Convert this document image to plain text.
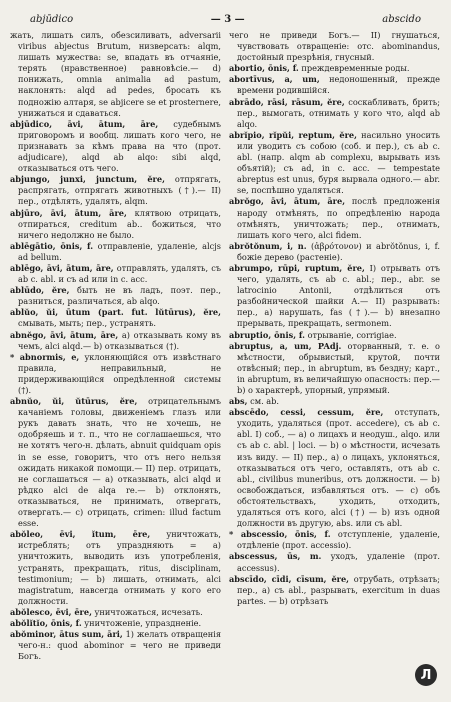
abjūdico	— 3 —	abscido

жать, лишать силъ, обезсиливать, adversarii viribus abjectus Brutum, низверсать: alqm, лишать мужества: se, впадать въ отчаянiе, терять (нравственное) равновѣсiе.— d) понижать, omnia animalia ad pastum, наклонять: alqd ad pedes, бросать къ подножiю алтаря, se abjicere se et prosternere, унижаться и сдаваться.

abjūdico, āvi, ātum, āre, судебнымъ приговоромъ и вообщ. лишать кого чего, не признавать за кѣмъ права на что (прот. adjudicare), alqd ab alqo: sibi alqd, отказываться отъ чего.

abjungo, junxi, junctum, ĕre, отпрягать, распрягать, отпрягать животныхъ (†).— II) пер., отдѣлять, удалять, alqm.

abjūro, āvi, ātum, āre, клятвою отрицать, отпираться, creditum ab.. божиться, что ничего недолжно не было.

ablēgātio, ōnis, f. отправленiе, удаленiе, alcjs ad bellum.

ablēgo, āvi, ātum, āre, отправлять, удалять, съ ab c. abl. и съ ad или in c. acc.

ablūdo, ĕre, быть не въ ладъ, поэт. пер., разниться, различаться, ab alqo.

ablŭo, ŭi, ūtum (part. fut. lŭtūrus), ĕre, смывать, мыть; пер., устранять.

abnĕgo, āvi, ātum, āre, a) отказывать кому въ чемъ, alci alqd.— b) отказываться (†).

* abnormis, e, уклоняющiйся отъ извѣстнаго правила, неправильный, не придерживающiйся опредѣленной системы (†).

abnŭo, ŭi, ŭtūrus, ĕre, отрицательнымъ качанiемъ головы, движенiемъ глазъ или рукъ давать знать, что не хочешь, не одобряешь и т. п., что не соглашаешься, что не хотятъ чего-н. дѣлать, abnuit quidquam opis in se esse, говоритъ, что отъ него нельзя ожидать никакой помощи.— II) пер. отрицать, не соглашаться — a) отказывать, alci alqd и рѣдко alci de alqa re.— b) отклонять, отказываться, не принимать, отвергать, отвергать.— c) отрицать, crimen: illud factum esse.

abŏleo, ēvi, ĭtum, ēre, уничтожать, истреблять; отъ упраздняють = a) уничтожить, выводить изъ употребленiя, устранять, прекращать, ritus, disciplinam, testimonium; — b) лишать, отнимать, alci magistratum, навсегда отнимать у кого его должности.

abŏlesco, ēvi, ēre, уничтожаться, исчезать.

abŏlĭtĭo, ōnis, f. уничтоженiе, упраздненiе.

abŏminor, ātus sum, āri, 1) желать отвращенiя чего-н.: quod abominor = чего не приведи Богъ.

чего не приведи Богъ.— II) гнушаться, чувствовать отвращенiе: отс. abominandus, достойный презрѣнiя, гнусный.

abortio, ōnis, f. преждевременные роды.

abortīvus, a, um, недоношенный, прежде времени родившiйся.

abrādo, rāsi, rāsum, ĕre, соскабливать, брить; пер., вымогать, отнимать у кого что, alqd ab alqo.

abrĭpio, rĭpŭi, reptum, ĕre, насильно уносить или уводить съ собою (соб. и пер.), съ ab c. abl. (напр. alqm ab complexu, вырывать изъ объятiй); съ ad, in c. acc. — tempestate abreptus est unus, буря вырвала одного.— abr. se, поспѣшно удаляться.

abrŏgo, āvi, ātum, āre, послѣ предложенiя народу отмѣнять, по опредѣленiю народа отмѣнять, уничтожать; пер., отнимать, лишать кого чего, alci fidem.

abrŏtŏnum, i, n. (ἀβρότονον) и abrŏtŏnus, i, f. божiе дерево (растенiе).

abrumpo, rūpi, ruptum, ĕre, I) отрывать отъ чего, удалять, съ ab c. abl.; пер., abr. se latrocinio Antonii, отдѣлиться отъ разбойнической шайки А.— II) разрывать: пер., a) нарушать, fas (†).— b) внезапно прерывать, прекращать, sermonem.

abruptio, ōnis, f. отрываніе, corrigiae.

abruptus, a, um, PAdj. оторванный, т. е. о мѣстности, обрывистый, крутой, почти отвѣсный; пер., in abruptum, въ бездну; карт., in abruptum, въ величайшую опасность: пер.— b) о характерѣ, упорный, упрямый.

abs, см. ab.

abscēdo, cessi, cessum, ĕre, отступать, уходить, удаляться (прот. accedere), съ ab c. abl. I) соб., — a) о лицахъ и неодуш., alqo. или съ ab c. abl. | loci. — b) о мѣстности, исчезать изъ виду. — II) пер., a) о лицахъ, уклоняться, отказываться отъ чего, оставлять, отъ ab c. abl., civilibus muneribus, отъ должности. — b) освобождаться, избавляться отъ. — c) объ обстоятельствахъ, уходить, отходить, удаляться отъ кого, alci (†) — b) изъ одной должности въ другую, abs. или съ abl.

* abscessio, ōnis, f. отступленiе, удаленiе, отдѣленiе (прот. accessio).

abscessus, ūs, m. уходъ, удаленiе (прот. accessus).

abscīdo, cīdi, cīsum, ĕre, отрубать, отрѣзать; пер., a) съ abl., разрывать, exercitum in duas partes. — b) отрѣзать

Л
